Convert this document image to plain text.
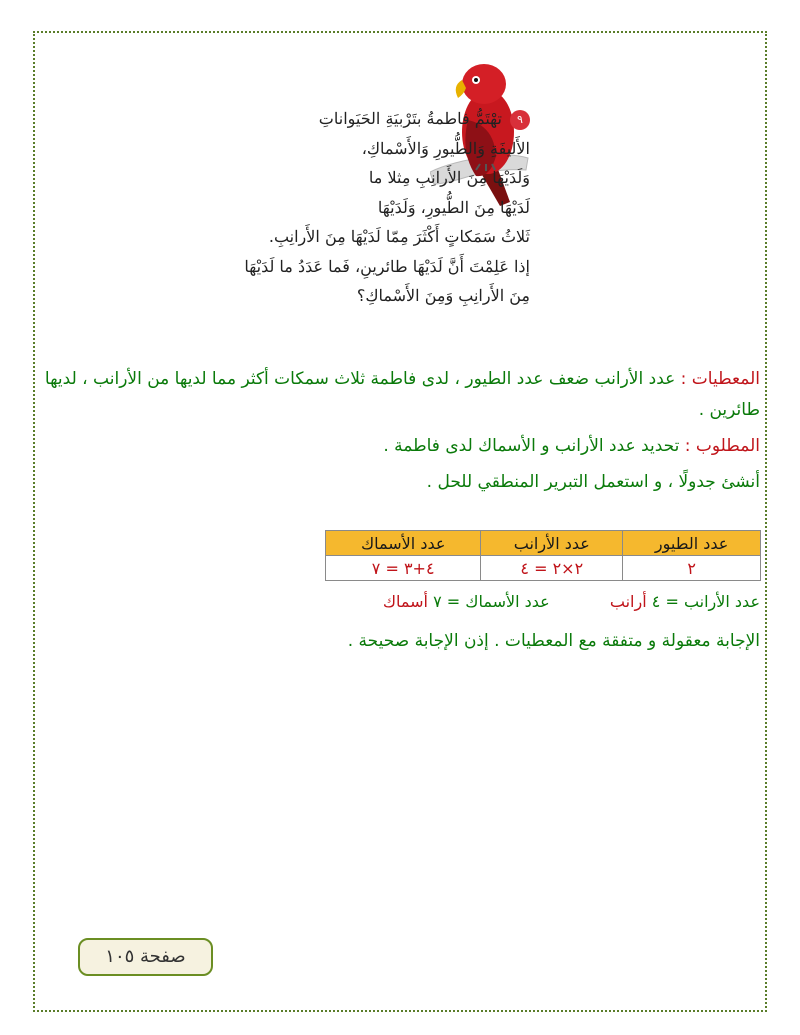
٩تهْتَمُّ فاطمةُ بتَرْبيَةِ الحَيَواناتِ

الأَليفَةِ وَالطُّيورِ وَالأَسْماكِ،

وَلَدَيْهَا مِنَ الأَرانِبِ مِثلا ما

لَدَيْهَا مِنَ الطُّيورِ، وَلَدَيْهَا

ثَلاثُ سَمَكاتٍ أَكْثَرَ مِمّا لَدَيْهَا مِنَ الأَرانِبِ.

إذا عَلِمْتَ أَنَّ لَدَيْهَا طائرينِ، فَما عَدَدُ ما لَدَيْهَا

مِنَ الأَرانِبِ وَمِنَ الأَسْماكِ؟

المعطيات : عدد الأرانب ضعف عدد الطيور ، لدى فاطمة ثلاث سمكات أكثر مما لديها من الأرانب ، لديها طائرين .

المطلوب : تحديد عدد الأرانب و الأسماك لدى فاطمة .

أنشئ جدولًا ، و استعمل التبرير المنطقي للحل .

عدد الطيور	عدد الأرانب	عدد الأسماك
٢	٢×٢ = ٤	٤+٣ = ٧
عدد الأرانب = ٤ أرانب  عدد الأسماك = ٧ أسماك
الإجابة معقولة و متفقة مع المعطيات . إذن الإجابة صحيحة .
صفحة ١٠٥
